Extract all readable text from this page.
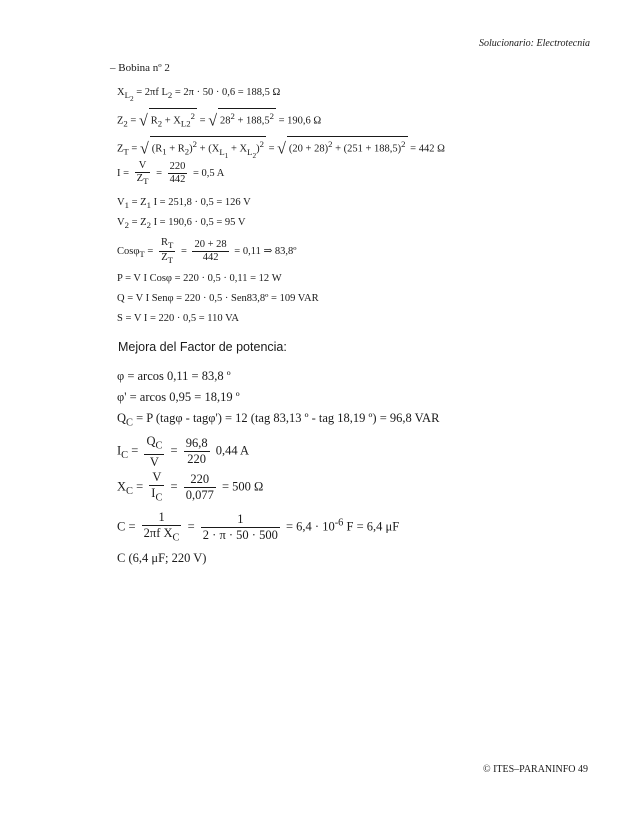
Solucionario: Electrotecnia
– Bobina nº 2
$X_{L_2} = 2\pi f$ $L_2 = 2\pi \cdot 50 \cdot 0,6 = 188,5$ Ω
$Z_2$ = √ $R_2 + X_{L2}^2$ = √ $28^2 + 188,5^2 = 190,6$ Ω
$Z_T$ = √ $(R_1 + R_2)^2 + (X_{L_1} + X_{L_2})^2$ = √ $(20 + 28)^2 + (251 + 188,5)^2 = 442$ Ω
$I = \frac{V}{Z_T} = \frac{220}{442} = 0,5$ A
$V_1 = Z_1$ I = 251,8 · 0,5 = 126 V
$V_2 = Z_2$ I = 190,6 · 0,5 = 95 V
$Cos\varphi_T = \frac{R_T}{Z_T} = \frac{20 + 28}{442} = 0,11$ ⇒ 83,8º
P = V I Cosφ = 220 · 0,5 · 0,11 = 12 W
Q = V I Senφ = 220 · 0,5 · Sen83,8º = 109 VAR
S = V I = 220 · 0,5 = 110 VA
Mejora del Factor de potencia:
φ = arcos 0,11 = 83,8 º
φ' = arcos 0,95 = 18,19 º
$Q_C = P$ (tagφ - tagφ') = 12 (tag 83,13 º - tag 18,19 º) = 96,8 VAR
$I_C = \frac{Q_C}{V} = \frac{96,8}{220} 0,44$ A
$X_C = \frac{V}{I_C} = \frac{220}{0,077} = 500$ Ω
$C = \frac{1}{2\pi f X_C} = \frac{1}{2 \cdot \pi \cdot 50 \cdot 500} = 6,4 \cdot 10^{-6}$ F = 6,4 μF
C (6,4 μF; 220 V)
© ITES–PARANINFO 49
